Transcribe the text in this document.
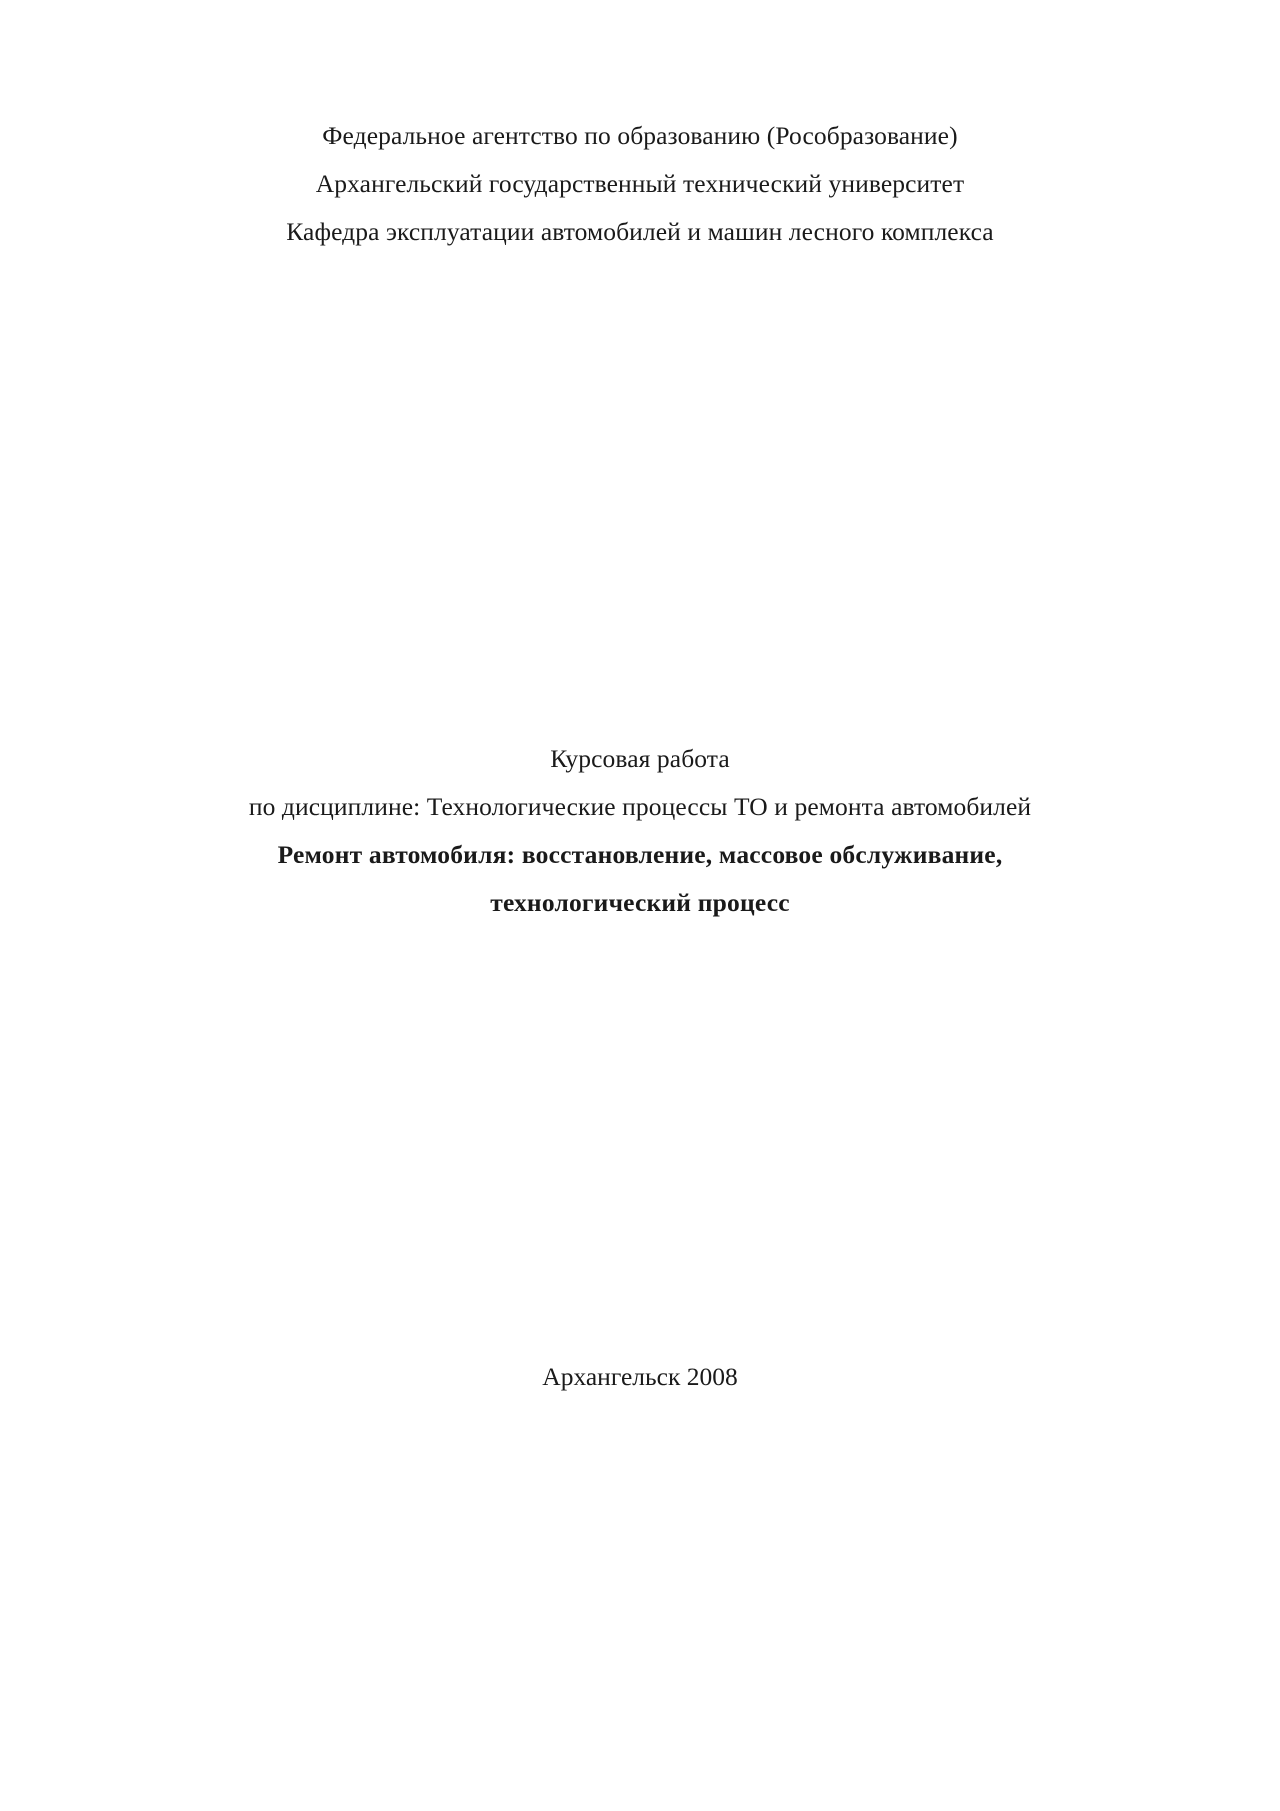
Федеральное агентство по образованию (Рособразование)
Архангельский государственный технический университет
Кафедра эксплуатации автомобилей и машин лесного комплекса
Курсовая работа
по дисциплине: Технологические процессы ТО и ремонта автомобилей
Ремонт автомобиля: восстановление, массовое обслуживание,
технологический процесс
Архангельск 2008
